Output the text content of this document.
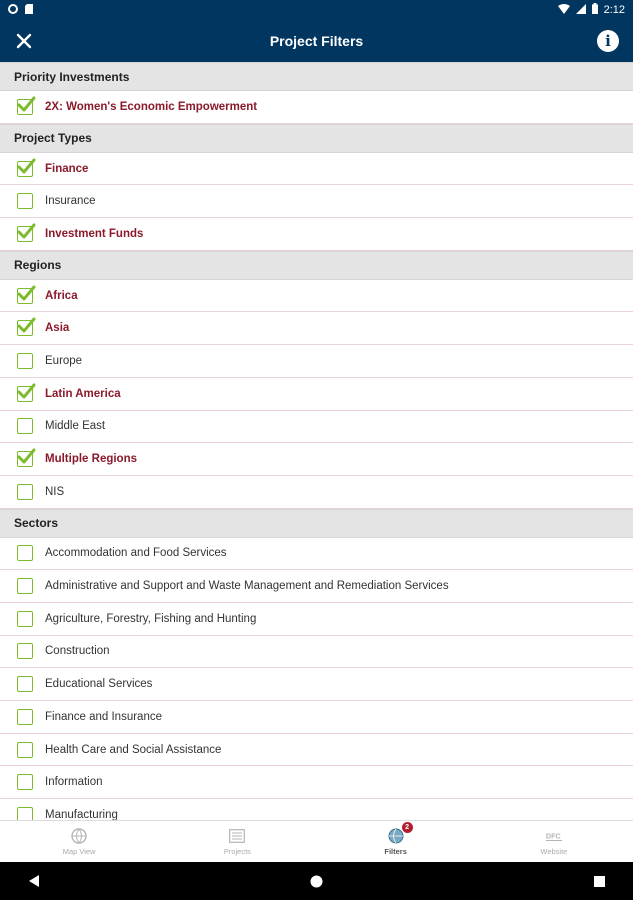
2:12
Project Filters	i
Priority Investments
2X: Women's Economic Empowerment
Project Types
Finance
Insurance
Investment Funds
Regions
Africa
Asia
Europe
Latin America
Middle East
Multiple Regions
NIS
Sectors
Accommodation and Food Services
Administrative and Support and Waste Management and Remediation Services
Agriculture, Forestry, Fishing and Hunting
Construction
Educational Services
Finance and Insurance
Health Care and Social Assistance
Information
Manufacturing
Map View	Projects
2
Filters
DFC
Website
